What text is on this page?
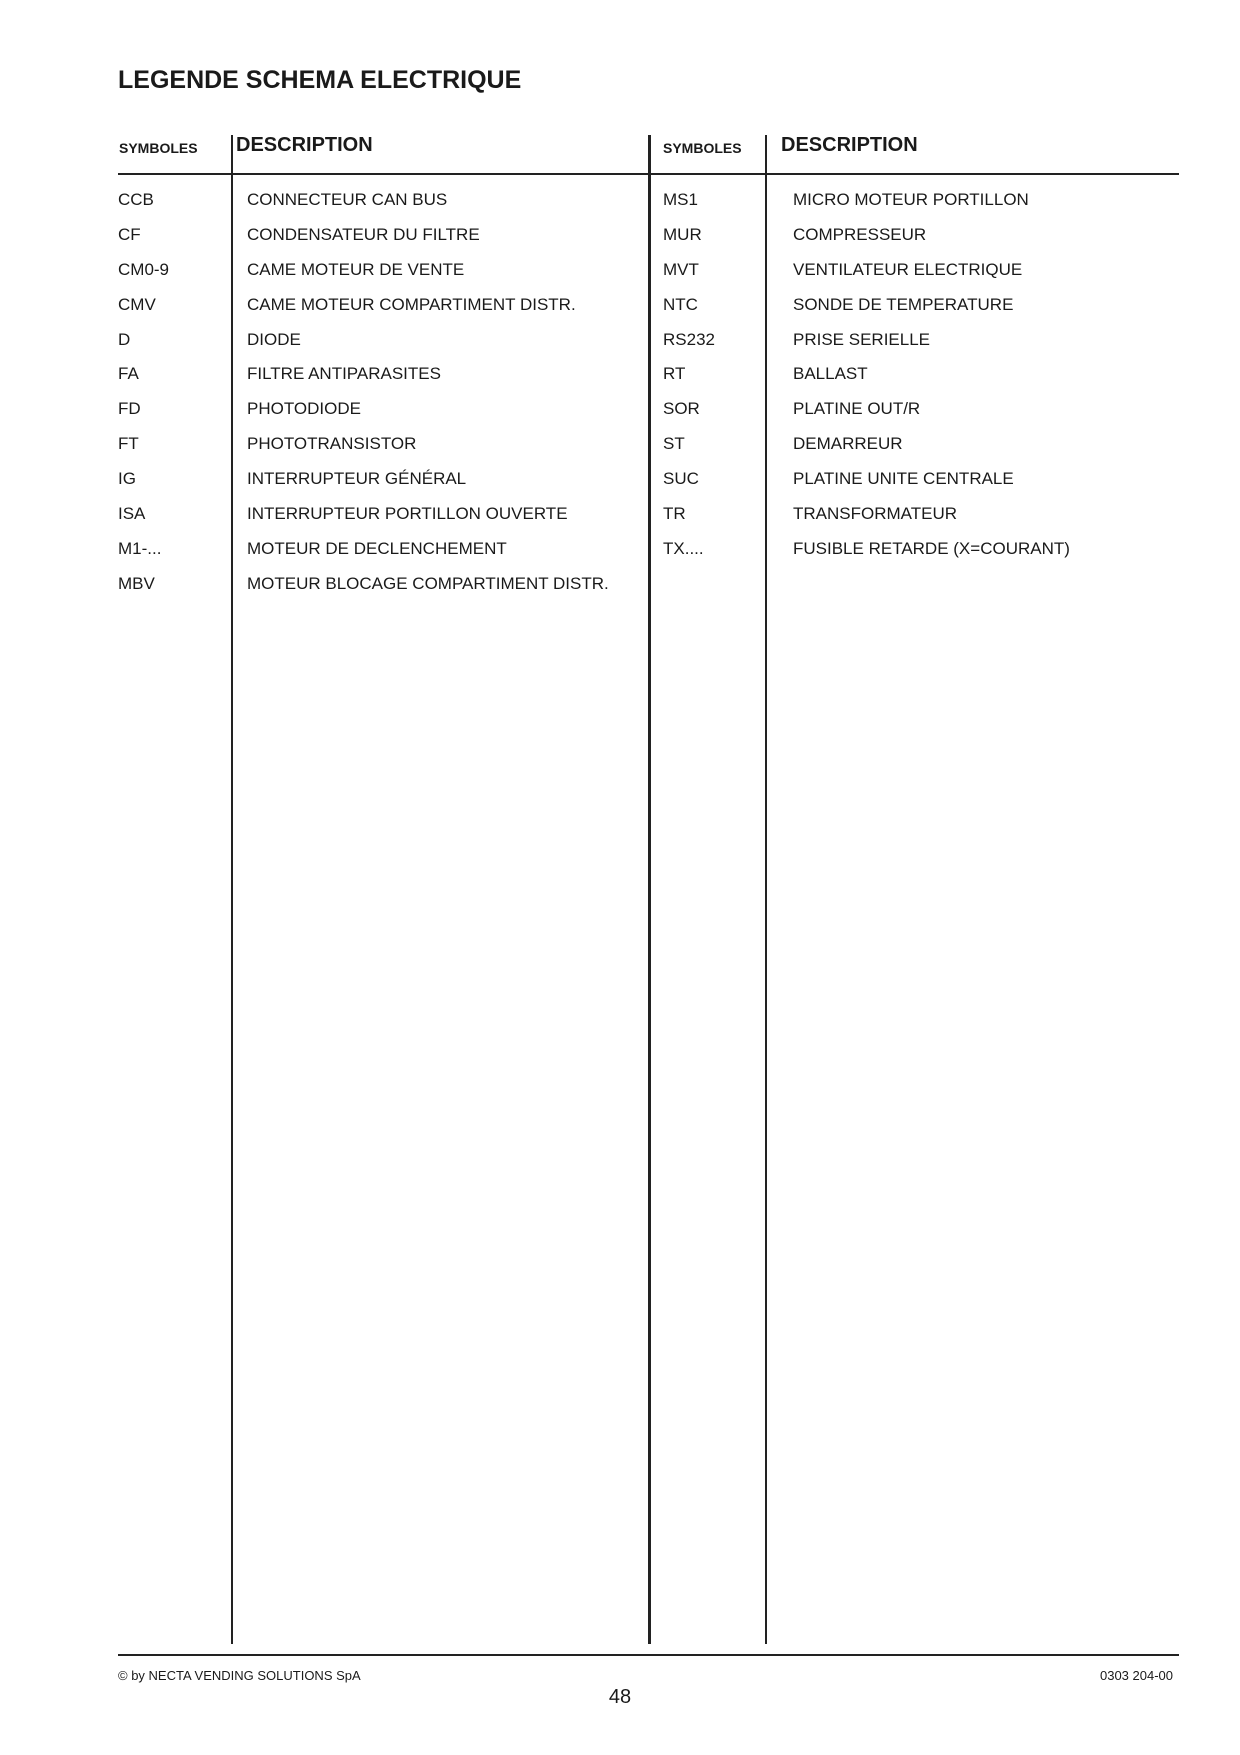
LEGENDE SCHEMA ELECTRIQUE
SYMBOLES DESCRIPTION	SYMBOLES DESCRIPTION
CCB	CONNECTEUR CAN BUS
CF	CONDENSATEUR DU FILTRE
CM0-9	CAME MOTEUR DE VENTE
CMV	CAME MOTEUR COMPARTIMENT DISTR.
D	DIODE
FA	FILTRE ANTIPARASITES
FD	PHOTODIODE
FT	PHOTOTRANSISTOR
IG	INTERRUPTEUR GÉNÉRAL
ISA	INTERRUPTEUR PORTILLON OUVERTE
M1-...	MOTEUR DE DECLENCHEMENT
MBV	MOTEUR BLOCAGE COMPARTIMENT DISTR.
MS1	MICRO MOTEUR PORTILLON
MUR	COMPRESSEUR
MVT	VENTILATEUR ELECTRIQUE
NTC	SONDE DE TEMPERATURE
RS232	PRISE SERIELLE
RT	BALLAST
SOR	PLATINE OUT/R
ST	DEMARREUR
SUC	PLATINE UNITE CENTRALE
TR	TRANSFORMATEUR
TX....	FUSIBLE RETARDE (X=COURANT)
© by NECTA VENDING SOLUTIONS SpA	0303 204-00
48
